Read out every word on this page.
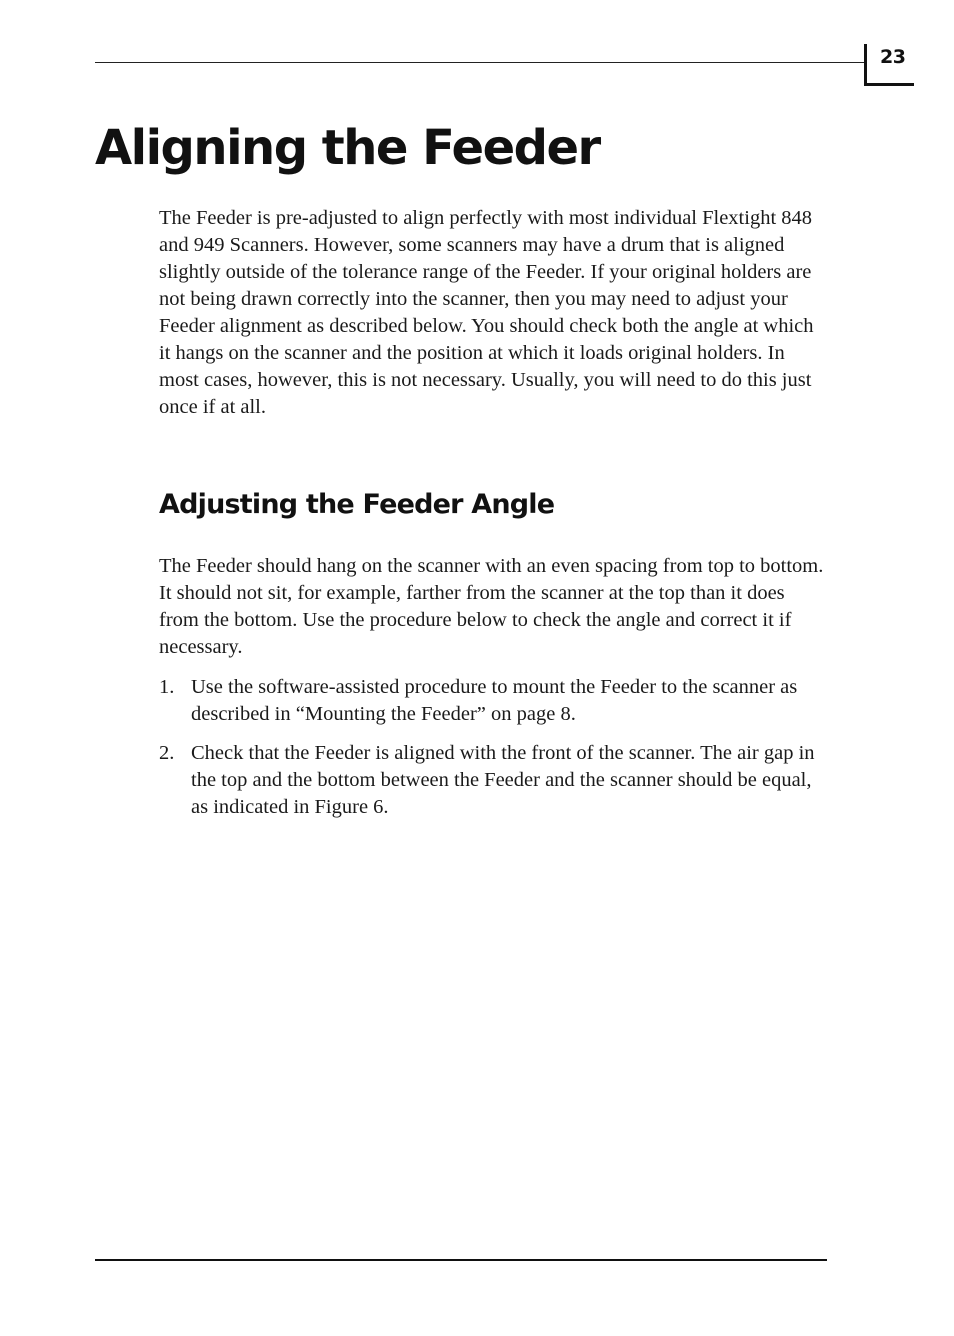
23
Aligning the Feeder

The Feeder is pre-adjusted to align perfectly with most individual Flextight 848 and 949 Scanners. However, some scanners may have a drum that is aligned slightly outside of the tolerance range of the Feeder. If your original holders are not being drawn correctly into the scanner, then you may need to adjust your Feeder alignment as described below. You should check both the angle at which it hangs on the scanner and the position at which it loads original holders. In most cases, however, this is not necessary. Usually, you will need to do this just once if at all.

Adjusting the Feeder Angle

The Feeder should hang on the scanner with an even spacing from top to bottom. It should not sit, for example, farther from the scanner at the top than it does from the bottom. Use the procedure below to check the angle and correct it if necessary.

1. Use the software-assisted procedure to mount the Feeder to the scanner as described in “Mounting the Feeder” on page 8.
2. Check that the Feeder is aligned with the front of the scanner. The air gap in the top and the bottom between the Feeder and the scanner should be equal, as indicated in Figure 6.
